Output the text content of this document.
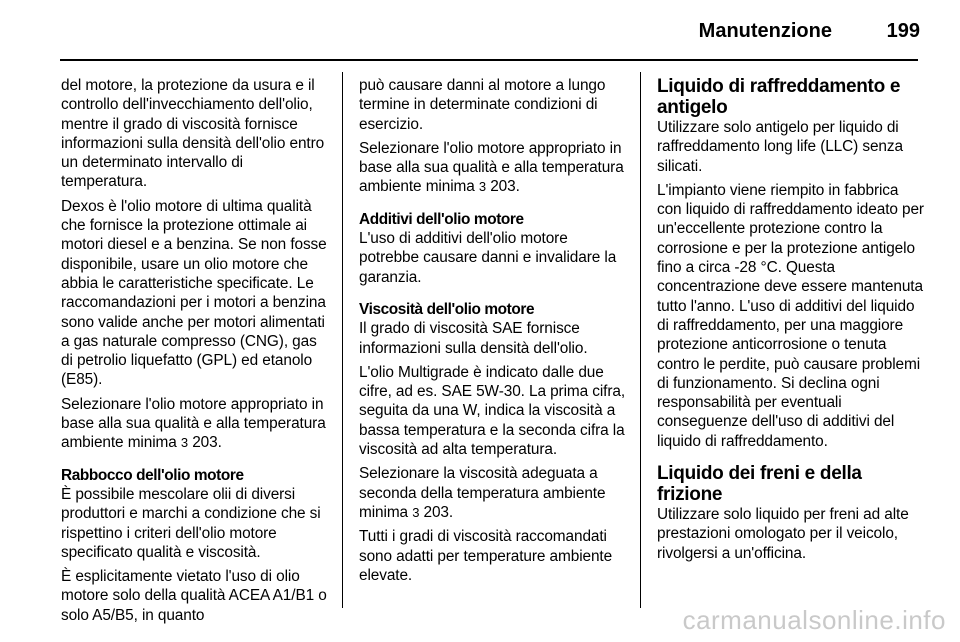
Manutenzione	199

del motore, la protezione da usura e il controllo dell'invecchiamento dell'olio, mentre il grado di viscosità fornisce informazioni sulla densità dell'olio entro un determinato intervallo di temperatura.

Dexos è l'olio motore di ultima qualità che fornisce la protezione ottimale ai motori diesel e a benzina. Se non fosse disponibile, usare un olio motore che abbia le caratteristiche specificate. Le raccomandazioni per i motori a benzina sono valide anche per motori alimentati a gas naturale compresso (CNG), gas di petrolio liquefatto (GPL) ed etanolo (E85).

Selezionare l'olio motore appropriato in base alla sua qualità e alla temperatura ambiente minima 3 203.

Rabbocco dell'olio motore

È possibile mescolare olii di diversi produttori e marchi a condizione che si rispettino i criteri dell'olio motore specificato qualità e viscosità.

È esplicitamente vietato l'uso di olio motore solo della qualità ACEA A1/B1 o solo A5/B5, in quanto

può causare danni al motore a lungo termine in determinate condizioni di esercizio.

Selezionare l'olio motore appropriato in base alla sua qualità e alla temperatura ambiente minima 3 203.

Additivi dell'olio motore

L'uso di additivi dell'olio motore potrebbe causare danni e invalidare la garanzia.

Viscosità dell'olio motore

Il grado di viscosità SAE fornisce informazioni sulla densità dell'olio.

L'olio Multigrade è indicato dalle due cifre, ad es. SAE 5W-30. La prima cifra, seguita da una W, indica la viscosità a bassa temperatura e la seconda cifra la viscosità ad alta temperatura.

Selezionare la viscosità adeguata a seconda della temperatura ambiente minima 3 203.

Tutti i gradi di viscosità raccomandati sono adatti per temperature ambiente elevate.

Liquido di raffreddamento e antigelo

Utilizzare solo antigelo per liquido di raffreddamento long life (LLC) senza silicati.

L'impianto viene riempito in fabbrica con liquido di raffreddamento ideato per un'eccellente protezione contro la corrosione e per la protezione antigelo fino a circa -28 °C. Questa concentrazione deve essere mantenuta tutto l'anno. L'uso di additivi del liquido di raffreddamento, per una maggiore protezione anticorrosione o tenuta contro le perdite, può causare problemi di funzionamento. Si declina ogni responsabilità per eventuali conseguenze dell'uso di additivi del liquido di raffreddamento.

Liquido dei freni e della frizione

Utilizzare solo liquido per freni ad alte prestazioni omologato per il veicolo, rivolgersi a un'officina.

carmanualsonline.info
